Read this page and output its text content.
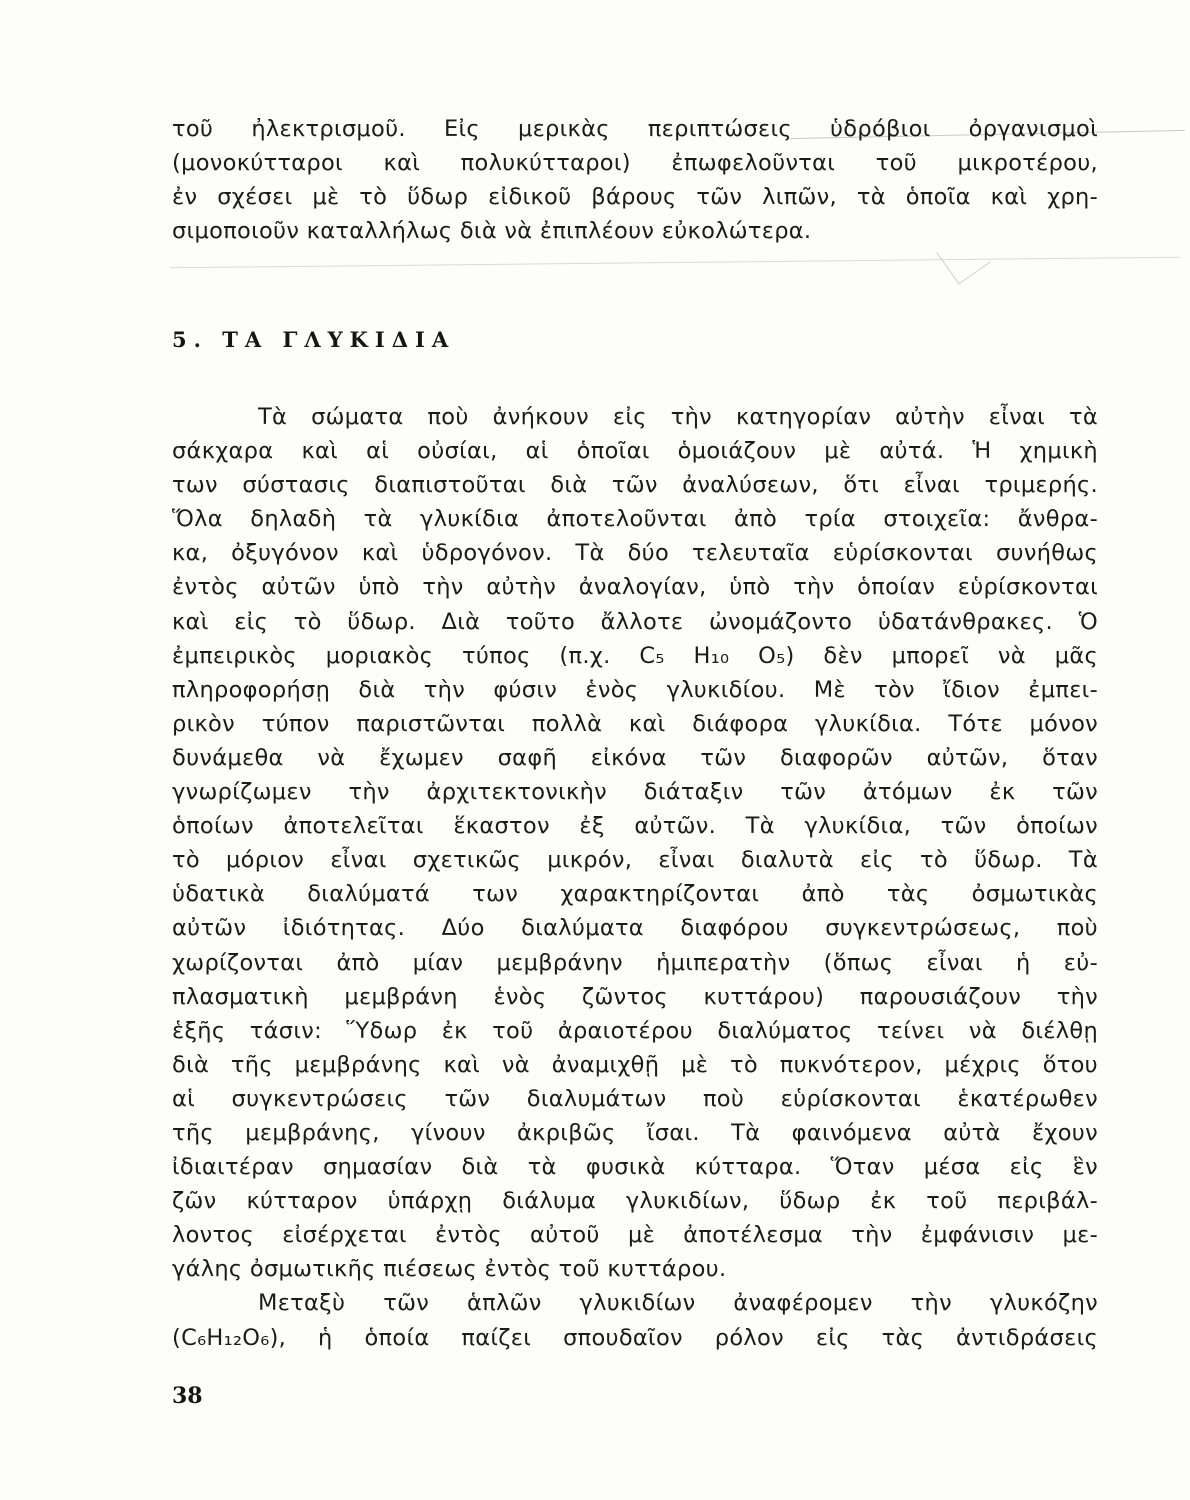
τοῦ ἠλεκτρισμοῦ. Εἰς μερικὰς περιπτώσεις ὑδρόβιοι ὀργανισμοὶ
(μονοκύτταροι καὶ πολυκύτταροι) ἐπωφελοῦνται τοῦ μικροτέρου,
ἐν σχέσει μὲ τὸ ὕδωρ εἰδικοῦ βάρους τῶν λιπῶν, τὰ ὁποῖα καὶ χρη-
σιμοποιοῦν καταλλήλως διὰ νὰ ἐπιπλέουν εὐκολώτερα.
5. ΤΑ ΓΛΥΚΙΔΙΑ
Τὰ σώματα ποὺ ἀνήκουν εἰς τὴν κατηγορίαν αὐτὴν εἶναι τὰ
σάκχαρα καὶ αἱ οὐσίαι, αἱ ὁποῖαι ὁμοιάζουν μὲ αὐτά. Ἡ χημικὴ
των σύστασις διαπιστοῦται διὰ τῶν ἀναλύσεων, ὅτι εἶναι τριμερής.
Ὅλα δηλαδὴ τὰ γλυκίδια ἀποτελοῦνται ἀπὸ τρία στοιχεῖα: ἄνθρα-
κα, ὀξυγόνον καὶ ὑδρογόνον. Τὰ δύο τελευταῖα εὑρίσκονται συνήθως
ἐντὸς αὐτῶν ὑπὸ τὴν αὐτὴν ἀναλογίαν, ὑπὸ τὴν ὁποίαν εὑρίσκονται
καὶ εἰς τὸ ὕδωρ. Διὰ τοῦτο ἄλλοτε ὠνομάζοντο ὑδατάνθρακες. Ὁ
ἐμπειρικὸς μοριακὸς τύπος (π.χ. C₅ H₁₀ O₅) δὲν μπορεῖ νὰ μᾶς
πληροφορήσῃ διὰ τὴν φύσιν ἑνὸς γλυκιδίου. Μὲ τὸν ἴδιον ἐμπει-
ρικὸν τύπον παριστῶνται πολλὰ καὶ διάφορα γλυκίδια. Τότε μόνον
δυνάμεθα νὰ ἔχωμεν σαφῆ εἰκόνα τῶν διαφορῶν αὐτῶν, ὅταν
γνωρίζωμεν τὴν ἀρχιτεκτονικὴν διάταξιν τῶν ἀτόμων ἐκ τῶν
ὁποίων ἀποτελεῖται ἕκαστον ἐξ αὐτῶν. Τὰ γλυκίδια, τῶν ὁποίων
τὸ μόριον εἶναι σχετικῶς μικρόν, εἶναι διαλυτὰ εἰς τὸ ὕδωρ. Τὰ
ὑδατικὰ διαλύματά των χαρακτηρίζονται ἀπὸ τὰς ὀσμωτικὰς
αὐτῶν ἰδιότητας. Δύο διαλύματα διαφόρου συγκεντρώσεως, ποὺ
χωρίζονται ἀπὸ μίαν μεμβράνην ἡμιπερατὴν (ὅπως εἶναι ἡ εὐ-
πλασματικὴ μεμβράνη ἑνὸς ζῶντος κυττάρου) παρουσιάζουν τὴν
ἑξῆς τάσιν: Ὕδωρ ἐκ τοῦ ἀραιοτέρου διαλύματος τείνει νὰ διέλθῃ
διὰ τῆς μεμβράνης καὶ νὰ ἀναμιχθῇ μὲ τὸ πυκνότερον, μέχρις ὅτου
αἱ συγκεντρώσεις τῶν διαλυμάτων ποὺ εὑρίσκονται ἑκατέρωθεν
τῆς μεμβράνης, γίνουν ἀκριβῶς ἴσαι. Τὰ φαινόμενα αὐτὰ ἔχουν
ἰδιαιτέραν σημασίαν διὰ τὰ φυσικὰ κύτταρα. Ὅταν μέσα εἰς ἓν
ζῶν κύτταρον ὑπάρχῃ διάλυμα γλυκιδίων, ὕδωρ ἐκ τοῦ περιβάλ-
λοντος εἰσέρχεται ἐντὸς αὐτοῦ μὲ ἀποτέλεσμα τὴν ἐμφάνισιν με-
γάλης ὀσμωτικῆς πιέσεως ἐντὸς τοῦ κυττάρου.
Μεταξὺ τῶν ἁπλῶν γλυκιδίων ἀναφέρομεν τὴν γλυκόζην
(C₆H₁₂O₆), ἡ ὁποία παίζει σπουδαῖον ρόλον εἰς τὰς ἀντιδράσεις
38
